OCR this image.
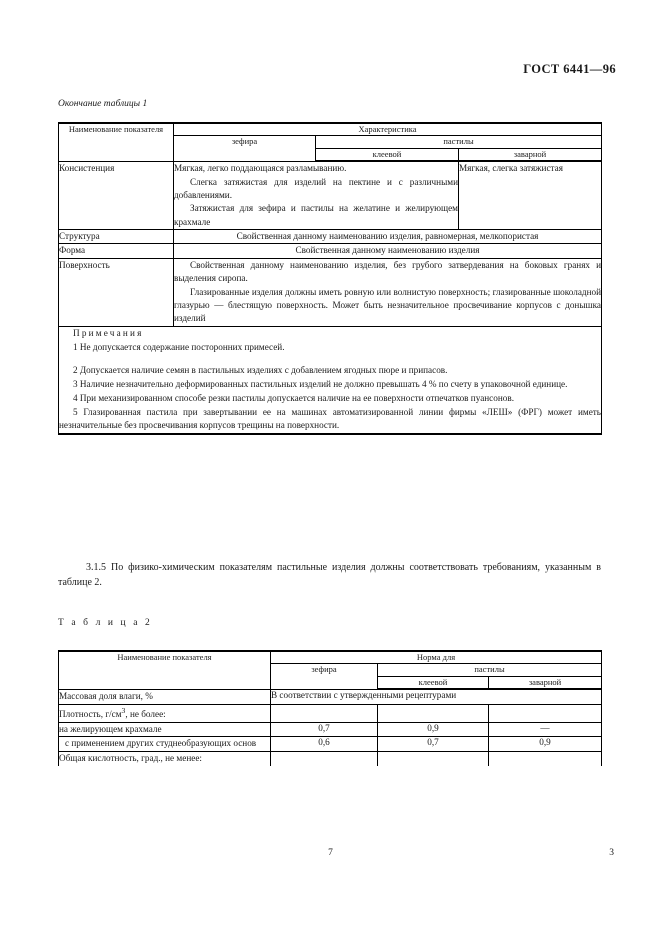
ГОСТ 6441—96
Окончание таблицы 1
Наименование показателя	Характеристика		
	зефира	пастилы	
		клеевой	заварной
Консистенция	Мягкая, легко поддающаяся разламыванию.

Слегка затяжистая для изделий на пектине и с различными добавлениями.

Затяжистая для зефира и пастилы на желатине и желирующем крахмале		Мягкая, слегка затяжистая

Структура	Свойственная данному наименованию изделия, равномерная, мелкопористая		
Форма	Свойственная данному наименованию изделия		
Поверхность	Свойственная данному наименованию изделия, без грубого затвердевания на боковых гранях и выделения сиропа.

Глазированные изделия должны иметь ровную или волнистую поверхность; глазированные шоколадной глазурью — блестящую поверхность. Может быть незначительное просвечивание корпусов с донышка изделий		

Примечания

1 Не допускается содержание посторонних примесей.

2 Допускается наличие семян в пастильных изделиях с добавлением ягодных пюре и припасов.

3 Наличие незначительно деформированных пастильных изделий не должно превышать 4 % по счету в упаковочной единице.

4 При механизированном способе резки пастилы допускается наличие на ее поверхности отпечатков пуансонов.

5 Глазированная пастила при завертывании ее на машинах автоматизированной линии фирмы «ЛЕШ» (ФРГ) может иметь незначительные без просвечивания корпусов трещины на поверхности.

3.1.5 По физико-химическим показателям пастильные изделия должны соответствовать требованиям, указанным в таблице 2.
Т а б л и ц а 2
Наименование показателя	Норма для		
	зефира	пастилы	
		клеевой	заварной
Массовая доля влаги, %	В соответствии с утвержденными рецептурами		
Плотность, $г/см^3$, не более:			
на желирующем крахмале	0,7	0,9	—
с применением других студнеобразующих основ	0,6	0,7	0,9
Общая кислотность, град., не менее:			
7	3
